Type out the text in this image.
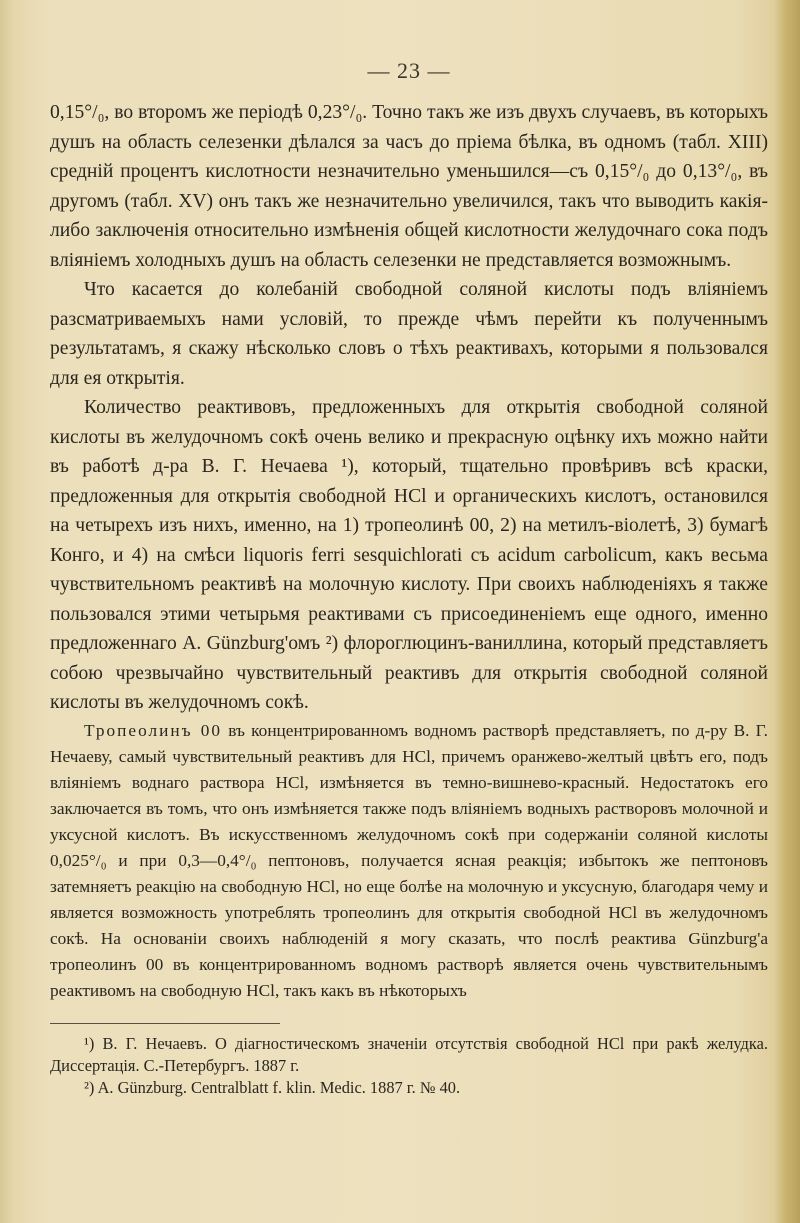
— 23 —

0,15°/₀, во второмъ же періодѣ 0,23°/₀. Точно такъ же изъ двухъ случаевъ, въ которыхъ душъ на область селезенки дѣлался за часъ до пріема бѣлка, въ одномъ (табл. XIII) средній процентъ кислотности незначительно уменьшился—съ 0,15°/₀ до 0,13°/₀, въ другомъ (табл. XV) онъ такъ же незначительно увеличился, такъ что выводить какія-либо заключенія относительно измѣненія общей кислотности желудочнаго сока подъ вліяніемъ холодныхъ душъ на область селезенки не представляется возможнымъ.

Что касается до колебаній свободной соляной кислоты подъ вліяніемъ разсматриваемыхъ нами условій, то прежде чѣмъ перейти къ полученнымъ результатамъ, я скажу нѣсколько словъ о тѣхъ реактивахъ, которыми я пользовался для ея открытія.

Количество реактивовъ, предложенныхъ для открытія свободной соляной кислоты въ желудочномъ сокѣ очень велико и прекрасную оцѣнку ихъ можно найти въ работѣ д-ра В. Г. Нечаева ¹), который, тщательно провѣривъ всѣ краски, предложенныя для открытія свободной HCl и органическихъ кислотъ, остановился на четырехъ изъ нихъ, именно, на 1) тропеолинѣ 00, 2) на метилъ-віолетѣ, 3) бумагѣ Конго, и 4) на смѣси liquoris ferri sesquichlorati съ acidum carbolicum, какъ весьма чувствительномъ реактивѣ на молочную кислоту. При своихъ наблюденіяхъ я также пользовался этими четырьмя реактивами съ присоединеніемъ еще одного, именно предложеннаго A. Günzburg'омъ ²) флороглюцинъ-ваниллина, который представляетъ собою чрезвычайно чувствительный реактивъ для открытія свободной соляной кислоты въ желудочномъ сокѣ.

Тропеолинъ 00 въ концентрированномъ водномъ растворѣ представляетъ, по д-ру В. Г. Нечаеву, самый чувствительный реактивъ для HCl, причемъ оранжево-желтый цвѣтъ его, подъ вліяніемъ воднаго раствора HCl, измѣняется въ темно-вишнево-красный. Недостатокъ его заключается въ томъ, что онъ измѣняется также подъ вліяніемъ водныхъ растворовъ молочной и уксусной кислотъ. Въ искусственномъ желудочномъ сокѣ при содержаніи соляной кислоты 0,025°/₀ и при 0,3—0,4°/₀ пептоновъ, получается ясная реакція; избытокъ же пептоновъ затемняетъ реакцію на свободную HCl, но еще болѣе на молочную и уксусную, благодаря чему и является возможность употреблять тропеолинъ для открытія свободной HCl въ желудочномъ сокѣ. На основаніи своихъ наблюденій я могу сказать, что послѣ реактива Günzburg'а тропеолинъ 00 въ концентрированномъ водномъ растворѣ является очень чувствительнымъ реактивомъ на свободную HCl, такъ какъ въ нѣкоторыхъ

¹) В. Г. Нечаевъ. О діагностическомъ значеніи отсутствія свободной HCl при ракѣ желудка. Диссертація. С.-Петербургъ. 1887 г.

²) A. Günzburg. Centralblatt f. klin. Medic. 1887 г. № 40.
